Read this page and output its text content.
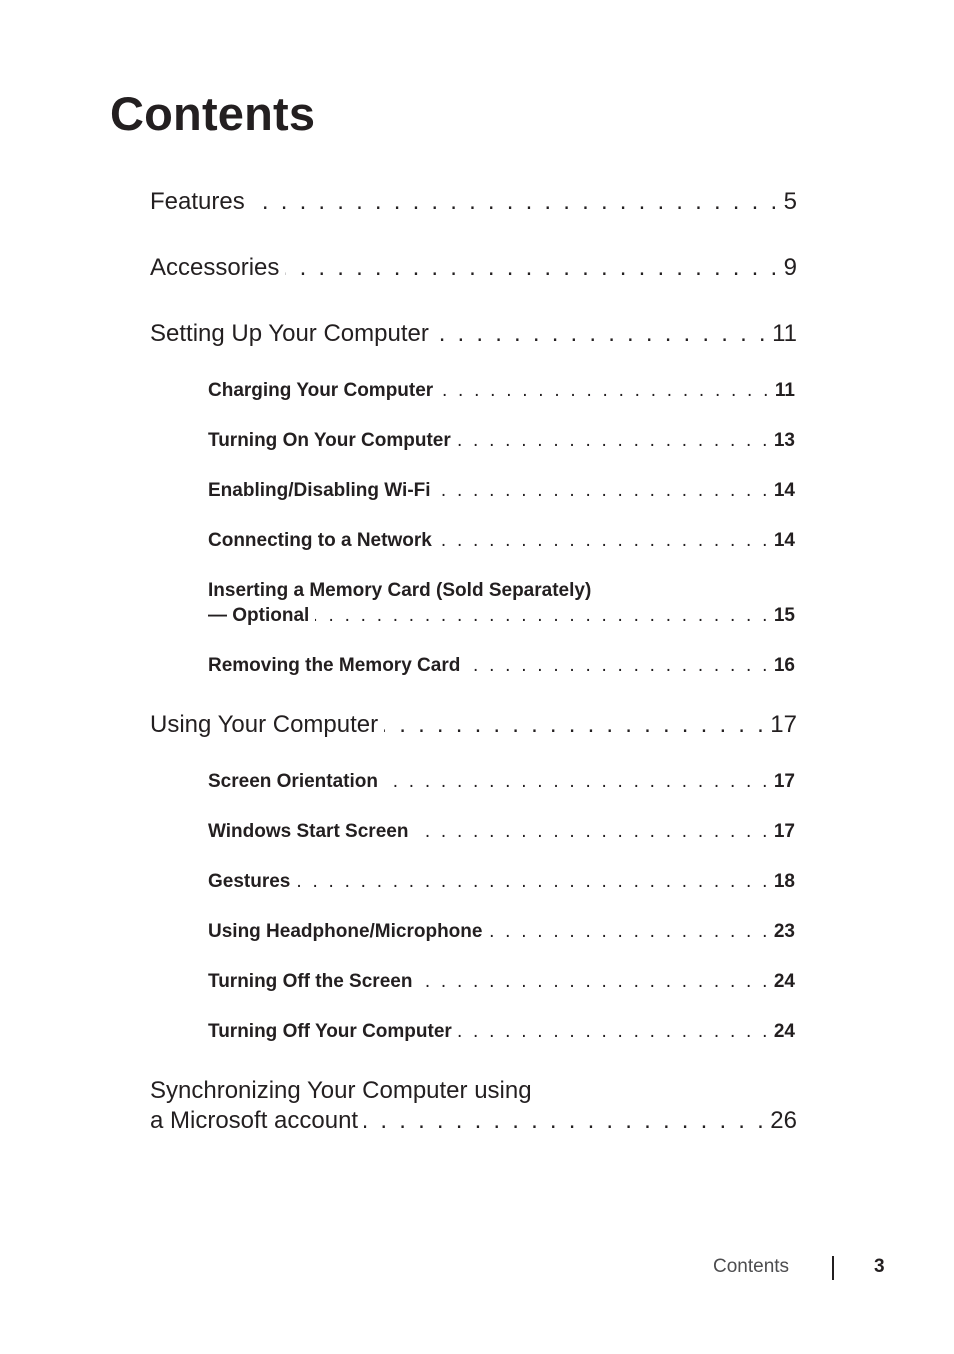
Contents
Features . . .	5
Accessories . . .	9
Setting Up Your Computer . . .	11
Charging Your Computer . . .	11
Turning On Your Computer . . .	13
Enabling/Disabling Wi-Fi . . .	14
Connecting to a Network . . .	14
Inserting a Memory Card (Sold Separately)
— Optional . . .	15
Removing the Memory Card . . .	16
Using Your Computer . . .	17
Screen Orientation . . .	17
Windows Start Screen . . .	17
Gestures . . .	18
Using Headphone/Microphone . . .	23
Turning Off the Screen . . .	24
Turning Off Your Computer . . .	24
Synchronizing Your Computer using
a Microsoft account . . .	26
Contents	3
